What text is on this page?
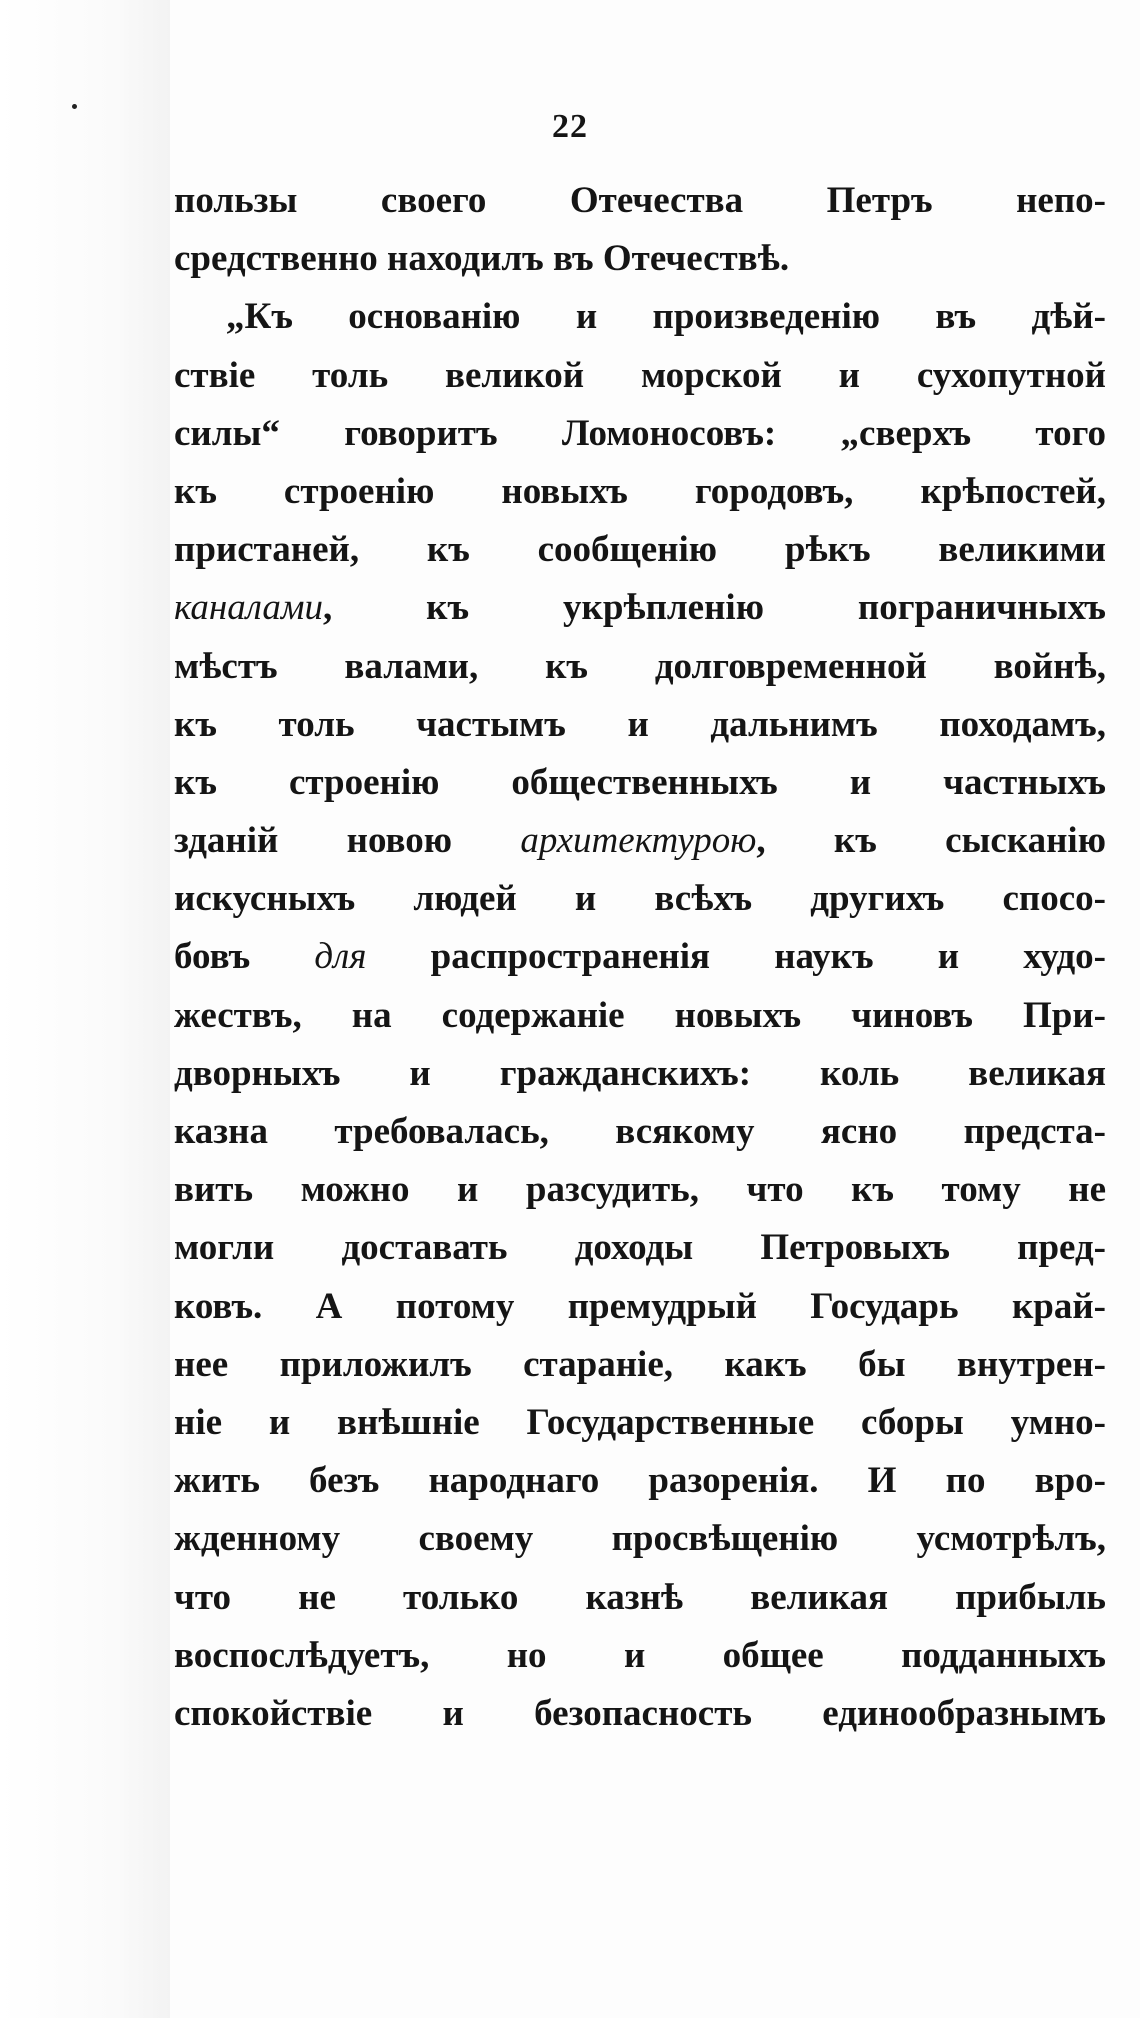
22
пользы своего Отечества Петръ непо-
средственно находилъ въ Отечествѣ.
„Къ основанію и произведенію въ дѣй-
ствіе толь великой морской и сухопутной
силы“ говоритъ Ломоносовъ: „сверхъ того
къ строенію новыхъ городовъ, крѣпостей,
пристаней, къ сообщенію рѣкъ великими
каналами, къ укрѣпленію пограничныхъ
мѣстъ валами, къ долговременной войнѣ,
къ толь частымъ и дальнимъ походамъ,
къ строенію общественныхъ и частныхъ
зданій новою архитектурою, къ сысканію
искусныхъ людей и всѣхъ другихъ спосо-
бовъ для распространенія наукъ и худо-
жествъ, на содержаніе новыхъ чиновъ При-
дворныхъ и гражданскихъ: коль великая
казна требовалась, всякому ясно предста-
вить можно и разсудить, что къ тому не
могли доставать доходы Петровыхъ пред-
ковъ. А потому премудрый Государь край-
нее приложилъ стараніе, какъ бы внутрен-
ніе и внѣшніе Государственные сборы умно-
жить безъ народнаго разоренія. И по вро-
жденному своему просвѣщенію усмотрѣлъ,
что не только казнѣ великая прибыль
воспослѣдуетъ, но и общее подданныхъ
спокойствіе и безопасность единообразнымъ
